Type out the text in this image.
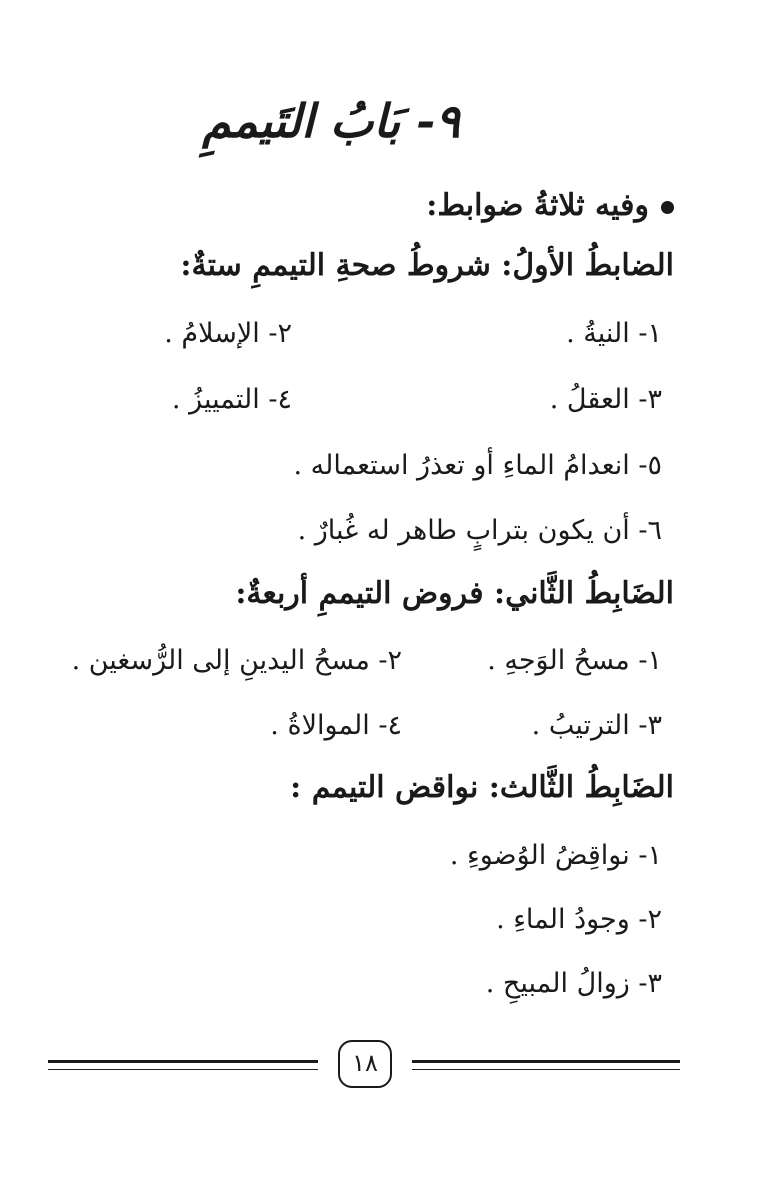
٩- بَابُ التَيممِ
وفيه ثلاثةُ ضوابط:
الضابطُ الأولُ: شروطُ صحةِ التيممِ ستةٌ:
١- النيةُ .
٢- الإسلامُ .
٣- العقلُ .
٤- التمييزُ .
٥- انعدامُ الماءِ أو تعذرُ استعماله .
٦- أن يكون بترابٍ طاهر له غُبارٌ .
الضَابِطُ الثَّاني: فروض التيممِ أربعةٌ:
١- مسحُ الوَجهِ .
٢- مسحُ اليدينِ إلى الرُّسغين .
٣- الترتيبُ .
٤- الموالاةُ .
الضَابِطُ الثَّالث: نواقض التيمم :
١- نواقِضُ الوُضوءِ .
٢- وجودُ الماءِ .
٣- زوالُ المبيحِ .
١٨
